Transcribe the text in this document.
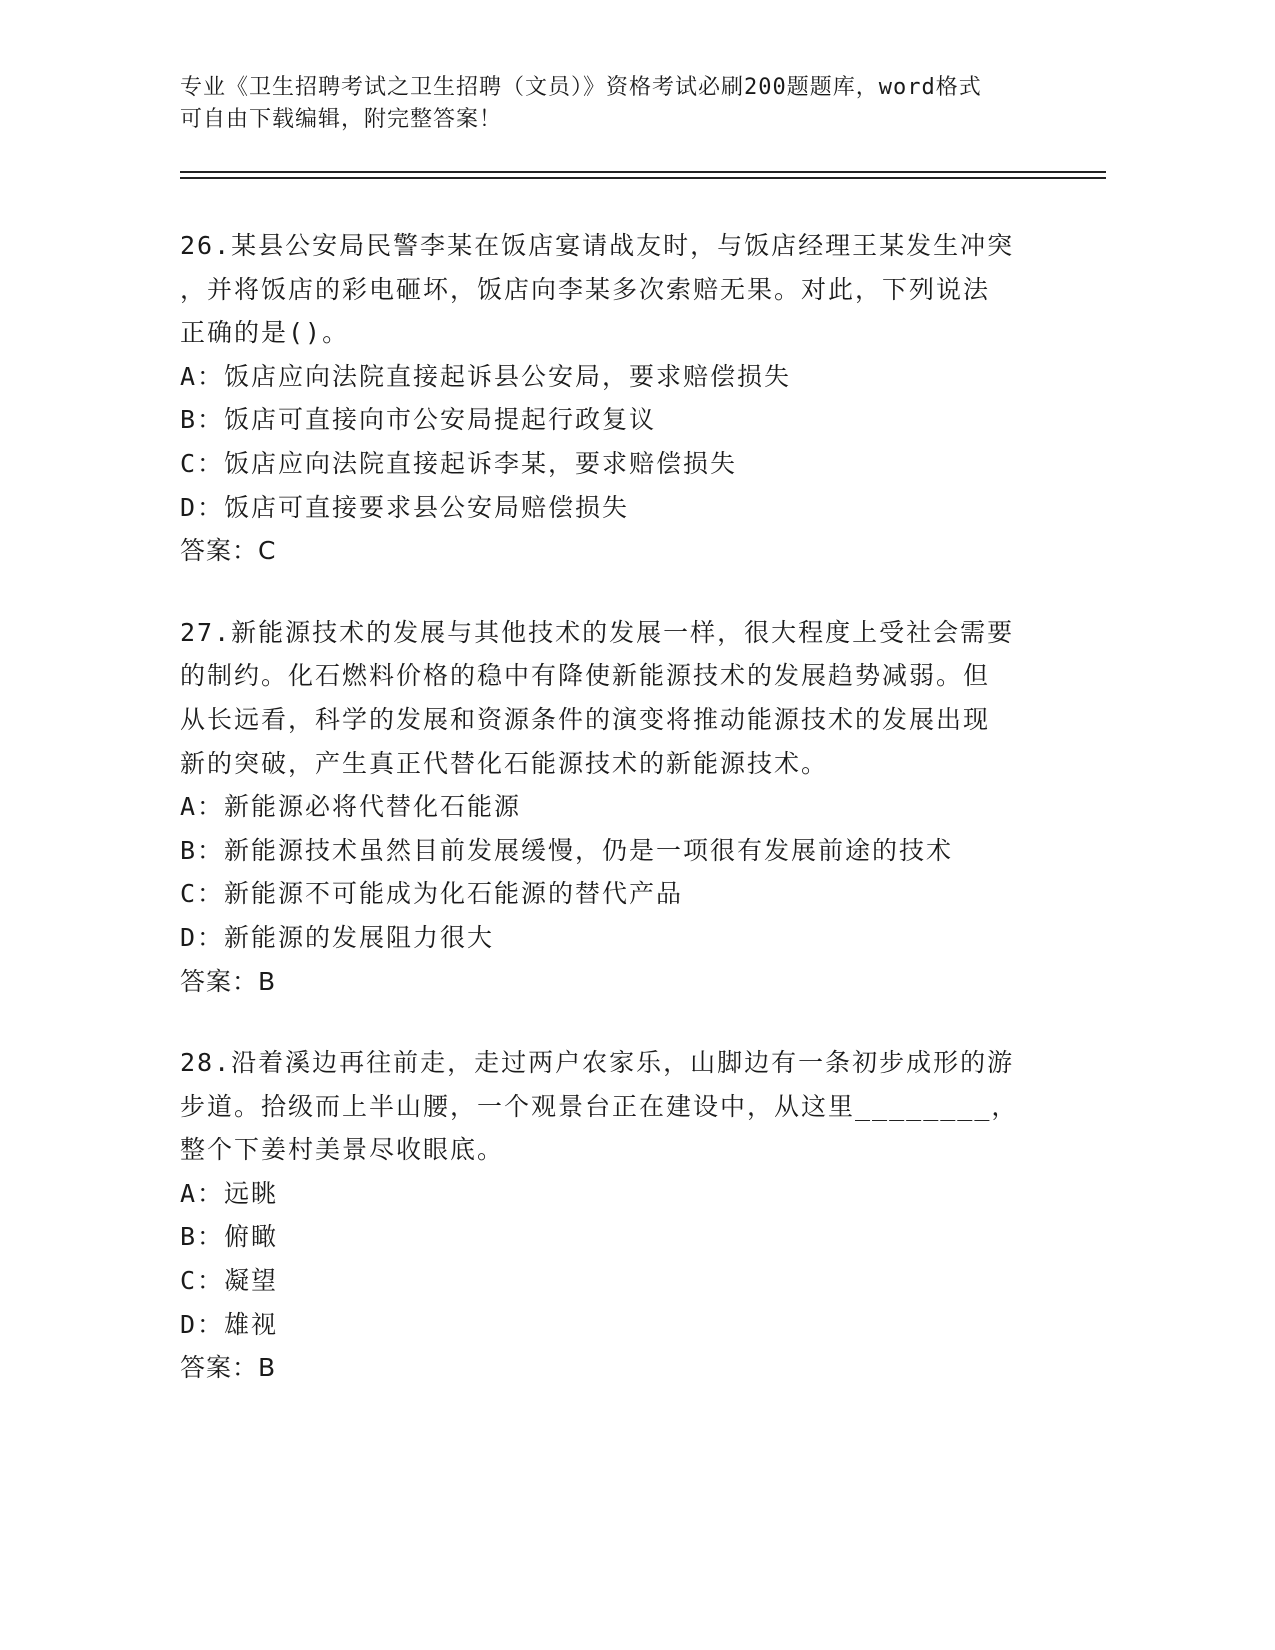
专业《卫生招聘考试之卫生招聘（文员）》资格考试必刷200题题库，word格式
可自由下载编辑，附完整答案！
26.某县公安局民警李某在饭店宴请战友时，与饭店经理王某发生冲突
，并将饭店的彩电砸坏，饭店向李某多次索赔无果。对此，下列说法
正确的是()。
A：饭店应向法院直接起诉县公安局，要求赔偿损失
B：饭店可直接向市公安局提起行政复议
C：饭店应向法院直接起诉李某，要求赔偿损失
D：饭店可直接要求县公安局赔偿损失
答案：C
27.新能源技术的发展与其他技术的发展一样，很大程度上受社会需要
的制约。化石燃料价格的稳中有降使新能源技术的发展趋势减弱。但
从长远看，科学的发展和资源条件的演变将推动能源技术的发展出现
新的突破，产生真正代替化石能源技术的新能源技术。
A：新能源必将代替化石能源
B：新能源技术虽然目前发展缓慢，仍是一项很有发展前途的技术
C：新能源不可能成为化石能源的替代产品
D：新能源的发展阻力很大
答案：B
28.沿着溪边再往前走，走过两户农家乐，山脚边有一条初步成形的游
步道。拾级而上半山腰，一个观景台正在建设中，从这里________，
整个下姜村美景尽收眼底。
A：远眺
B：俯瞰
C：凝望
D：雄视
答案：B
